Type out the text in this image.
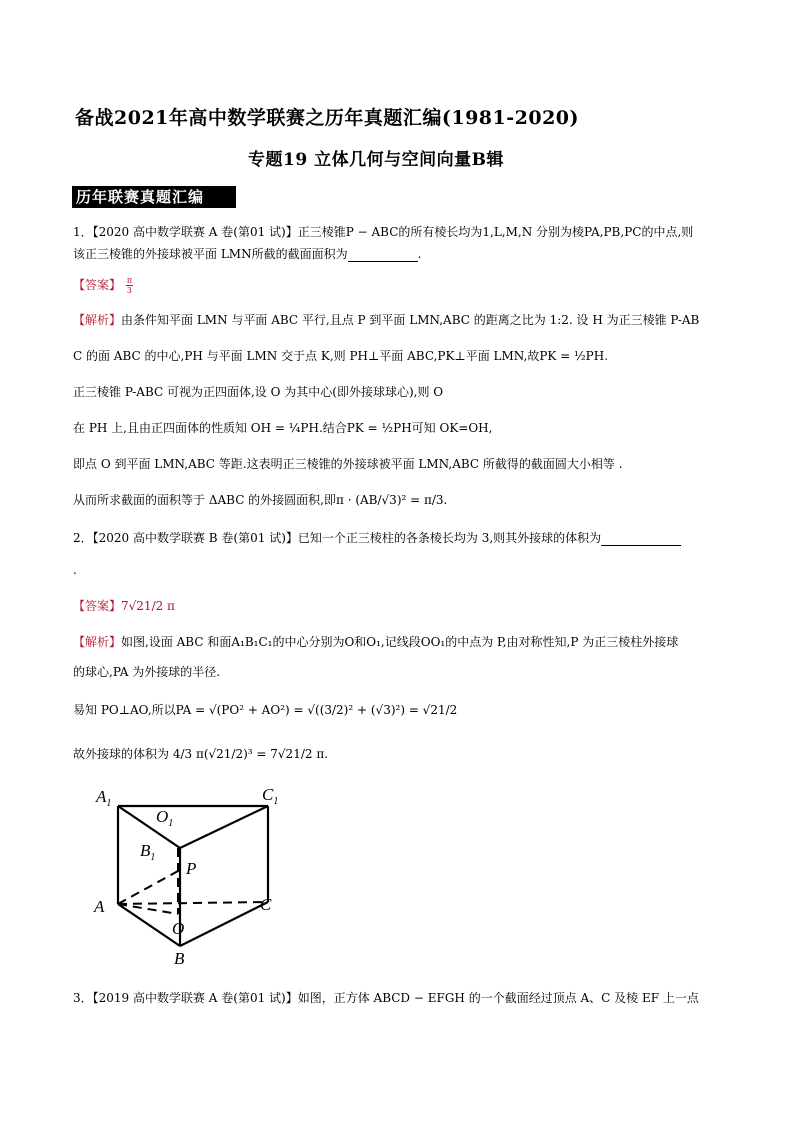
备战2021年高中数学联赛之历年真题汇编(1981-2020)
专题19 立体几何与空间向量B辑
历年联赛真题汇编
1．【2020 高中数学联赛 A 卷(第01 试)】正三棱锥P − ABC的所有棱长均为1,L,M,N 分别为棱PA,PB,PC的中点,则
该正三棱锥的外接球被平面 LMN所截的截面面积为	.
【答案】 $\frac{\pi}{3}$
【解析】由条件知平面 LMN 与平面 ABC 平行,且点 P 到平面 LMN,ABC 的距离之比为 1:2. 设 H 为正三棱锥 P-AB
C 的面 ABC 的中心,PH 与平面 LMN 交于点 K,则 PH⊥平面 ABC,PK⊥平面 LMN,故PK = ½PH.
正三棱锥 P-ABC 可视为正四面体,设 O 为其中心(即外接球球心),则 O
在 PH 上,且由正四面体的性质知 OH = ¼PH.结合PK = ½PH可知 OK=OH,
即点 O 到平面 LMN,ABC 等距.这表明正三棱锥的外接球被平面 LMN,ABC 所截得的截面圆大小相等 .
从而所求截面的面积等于 ΔABC 的外接圆面积,即π · (AB/√3)² = π/3.
2．【2020 高中数学联赛 B 卷(第01 试)】已知一个正三棱柱的各条棱长均为 3,则其外接球的体积为
.
【答案】7√21/2 π
【解析】如图,设面 ABC 和面A₁B₁C₁的中心分别为O和O₁,记线段OO₁的中点为 P,由对称性知,P 为正三棱柱外接球
的球心,PA 为外接球的半径.
易知 PO⊥AO,所以PA = √(PO² + AO²) = √((3/2)² + (√3)²) = √21/2
故外接球的体积为 4/3 π(√21/2)³ = 7√21/2 π.
$A_1$	$C_1$
$O_1$
$B_1$
P
A	C
O
B
3．【2019 高中数学联赛 A 卷(第01 试)】如图，正方体 ABCD − EFGH 的一个截面经过顶点 A、C 及棱 EF 上一点
